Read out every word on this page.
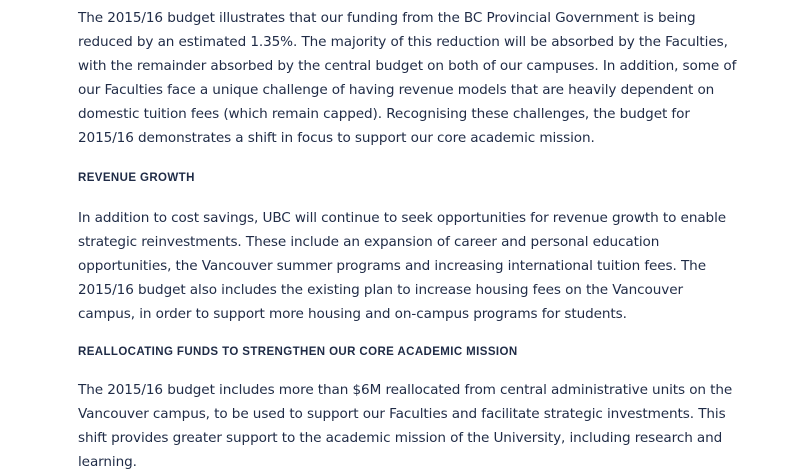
The 2015/16 budget illustrates that our funding from the BC Provincial Government is being reduced by an estimated 1.35%. The majority of this reduction will be absorbed by the Faculties, with the remainder absorbed by the central budget on both of our campuses. In addition, some of our Faculties face a unique challenge of having revenue models that are heavily dependent on domestic tuition fees (which remain capped). Recognising these challenges, the budget for 2015/16 demonstrates a shift in focus to support our core academic mission.

REVENUE GROWTH

In addition to cost savings, UBC will continue to seek opportunities for revenue growth to enable strategic reinvestments. These include an expansion of career and personal education opportunities, the Vancouver summer programs and increasing international tuition fees. The 2015/16 budget also includes the existing plan to increase housing fees on the Vancouver campus, in order to support more housing and on-campus programs for students.

REALLOCATING FUNDS TO STRENGTHEN OUR CORE ACADEMIC MISSION

The 2015/16 budget includes more than $6M reallocated from central administrative units on the Vancouver campus, to be used to support our Faculties and facilitate strategic investments. This shift provides greater support to the academic mission of the University, including research and learning.
